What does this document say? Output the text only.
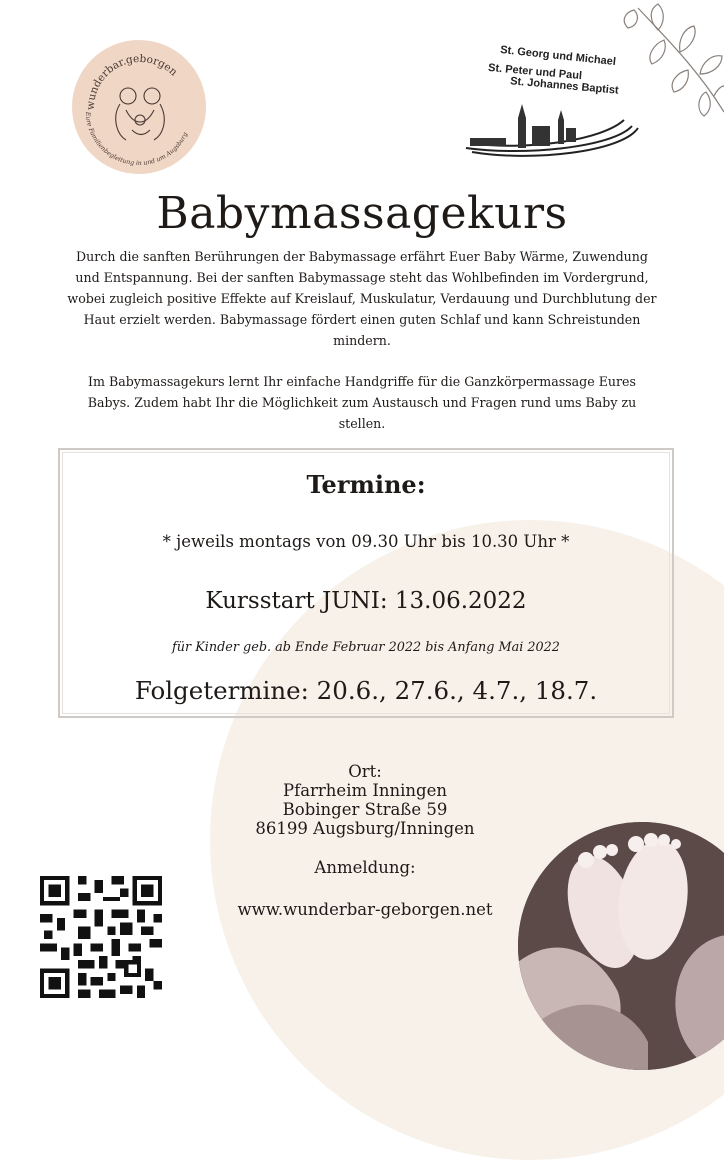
wunderbar.geborgen
Eure Familienbegleitung in und um Augsburg
St. Georg und Michael
St. Peter und Paul
St. Johannes Baptist
Babymassagekurs

Durch die sanften Berührungen der Babymassage erfährt Euer Baby Wärme, Zuwendung und Entspannung. Bei der sanften Babymassage steht das Wohlbefinden im Vordergrund, wobei zugleich positive Effekte auf Kreislauf, Muskulatur, Verdauung und Durchblutung der Haut erzielt werden. Babymassage fördert einen guten Schlaf und kann Schreistunden mindern.

Im Babymassagekurs lernt Ihr einfache Handgriffe für die Ganzkörpermassage Eures Babys. Zudem habt Ihr die Möglichkeit zum Austausch und Fragen rund ums Baby zu stellen.

Termine:
* jeweils montags von 09.30 Uhr bis 10.30 Uhr *
Kursstart JUNI: 13.06.2022
für Kinder geb. ab Ende Februar 2022 bis Anfang Mai 2022
Folgetermine: 20.6., 27.6., 4.7., 18.7.
Ort:
Pfarrheim Inningen
Bobinger Straße 59
86199 Augsburg/Inningen
Anmeldung:
www.wunderbar-geborgen.net
